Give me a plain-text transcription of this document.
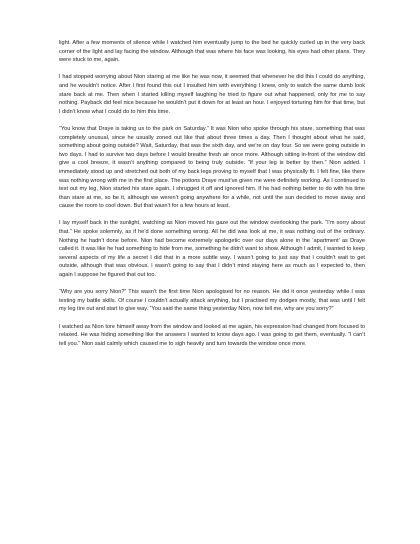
light. After a few moments of silence while I watched him eventually jump to the bed he quickly curled up in the very back corner of the light and lay facing the window. Although that was where his face was looking, his eyes had other plans. They were stuck to me, again.

I had stopped worrying about Nion staring at me like he was now, it seemed that whenever he did this I could do anything, and he wouldn’t notice. After I first found this out I insulted him with everything I knew, only to watch the same dumb look stare back at me. Then when I started killing myself laughing he tried to figure out what happened, only for me to say nothing. Payback did feel nice because he wouldn’t put it down for at least an hour. I enjoyed torturing him for that time, but I didn’t know what I could do to him this time.

“You know that Draye is taking us to the park on Saturday.” It was Nion who spoke through his stare, something that was completely unusual, since he usually zoned out like that about three times a day. Then I thought about what he said, something about going outside? Wait, Saturday, that was the sixth day, and we’re on day four. So we were going outside in two days. I had to survive two days before I would breathe fresh air once more. Although sitting in-front of the window did give a cool breeze, it wasn’t anything compared to being truly outside. “If your leg is better by then.” Nion added. I immediately stood up and stretched out both of my back legs proving to myself that I was physically fit. I felt fine, like there was nothing wrong with me in the first place. The potions Draye must’ve given me were definitely working. As I continued to test out my leg, Nion started his stare again, I shrugged it off and ignored him. If he had nothing better to do with his time than stare at me, so be it, although we weren’t going anywhere for a while, not until the sun decided to move away and cause the room to cool down. But that wasn’t for a few hours at least.

I lay myself back in the sunlight, watching as Nion moved his gaze out the window overlooking the park. “I’m sorry about that.” He spoke solemnly, as if he’d done something wrong. All he did was look at me, it was nothing out of the ordinary. Nothing he hadn’t done before. Nion had become extremely apologetic over our days alone in the ‘apartment’ as Draye called it. It was like he had something to hide from me, something he didn’t want to show. Although I admit, I wanted to keep several aspects of my life a secret I did that in a more subtle way. I wasn’t going to just say that I couldn’t wait to get outside, although that was obvious. I wasn’t going to say that I didn’t mind staying here as much as I expected to, then again I suppose he figured that out too.

“Why are you sorry Nion?” This wasn’t the first time Nion apologised for no reason. He did it once yesterday while I was testing my battle skills. Of course I couldn’t actually attack anything, but I practised my dodges mostly, that was until I felt my leg tire out and start to give way. “You said the same thing yesterday Nion, now tell me, why are you sorry?”

I watched as Nion tore himself away from the window and looked at me again, his expression had changed from focused to relaxed. He was hiding something like the answers I wanted to know days ago. I was going to get them, eventually. “I can’t tell you.” Nion said calmly which caused me to sigh heavily and turn towards the window once more.
